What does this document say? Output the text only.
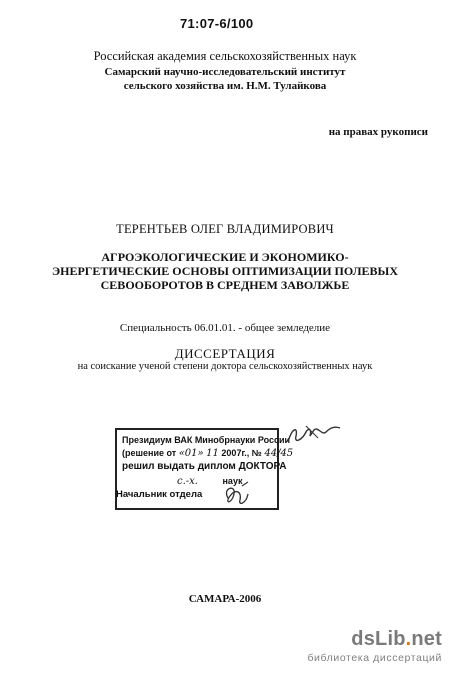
71:07-6/100
Российская академия сельскохозяйственных наук
Самарский научно-исследовательский институт
сельского хозяйства им. Н.М. Тулайкова
на правах рукописи
ТЕРЕНТЬЕВ ОЛЕГ ВЛАДИМИРОВИЧ
АГРОЭКОЛОГИЧЕСКИЕ И ЭКОНОМИКО-
ЭНЕРГЕТИЧЕСКИЕ ОСНОВЫ ОПТИМИЗАЦИИ ПОЛЕВЫХ
СЕВООБОРОТОВ В СРЕДНЕМ ЗАВОЛЖЬЕ
Специальность 06.01.01. - общее земледелие
ДИССЕРТАЦИЯ
на соискание ученой степени доктора сельскохозяйственных наук
Президиум ВАК Минобрнауки России
(решение от «01» 11 2007г., № 44/45
решил выдать диплом ДОКТОРА
с.-х.	наук
Начальник отдела
САМАРА-2006
dsLib.net
библиотека диссертаций
